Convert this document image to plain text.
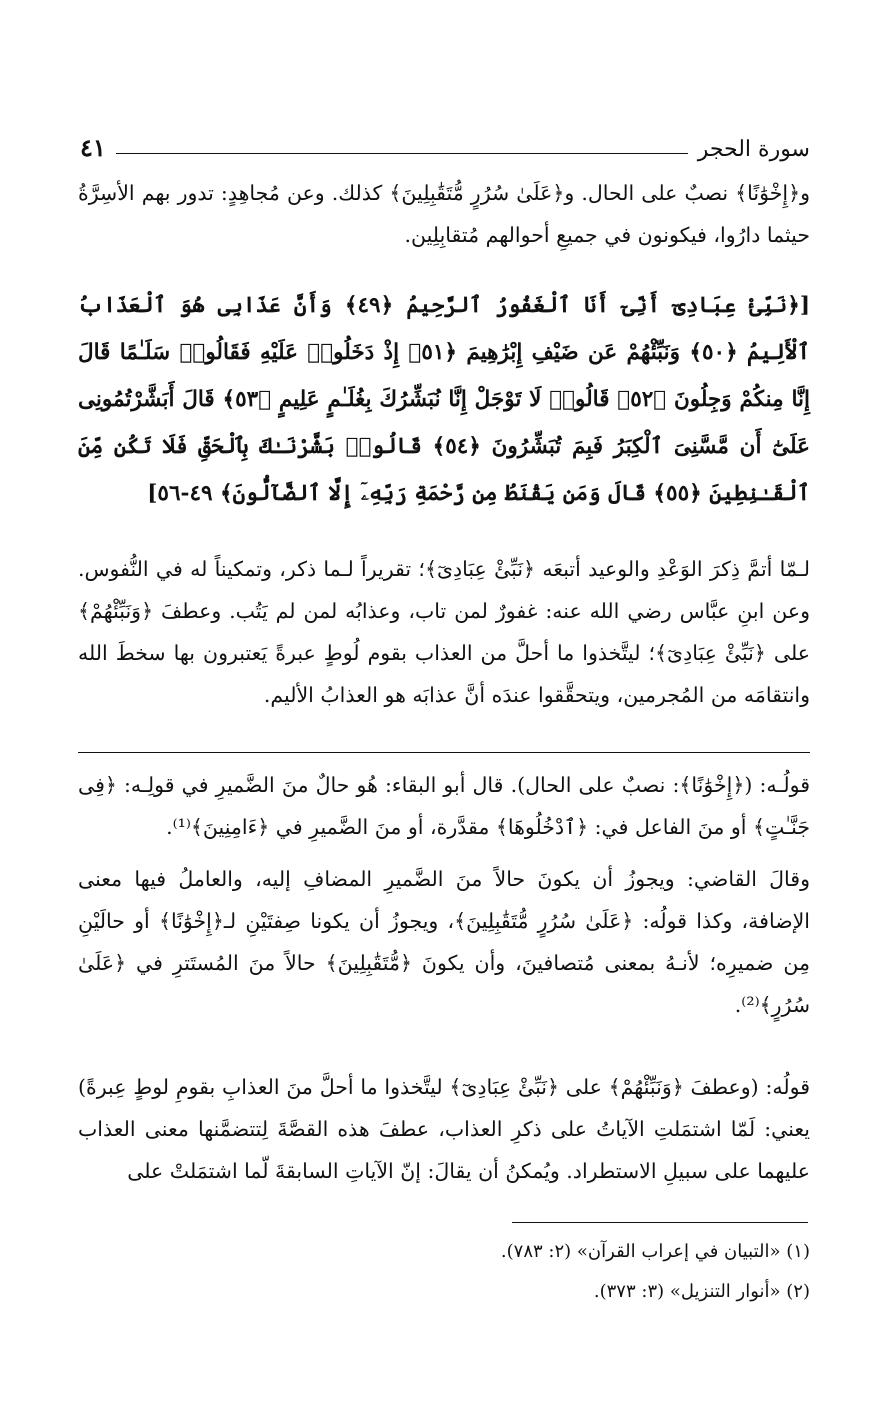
سورة الحجر
٤١

و﴿إِخْوَٰنًا﴾ نصبٌ على الحال. و﴿عَلَىٰ سُرُرٍ مُّتَقَٰبِلِينَ﴾ كذلك. وعن مُجاهِدٍ: تدور بهم الأسِرَّةُ حيثما دارُوا، فيكونون في جميعِ أحوالهم مُتقابِلِين.

[﴿نَبِّئْ عِبَادِىٓ أَنِّىٓ أَنَا ٱلْغَفُورُ ٱلرَّحِيمُ ﴿٤٩﴾ وَأَنَّ عَذَابِى هُوَ ٱلْعَذَابُ ٱلْأَلِيمُ ﴿٥٠﴾ وَنَبِّئْهُمْ عَن ضَيْفِ إِبْرَٰهِيمَ ﴿٥١﴾ إِذْ دَخَلُوا۟ عَلَيْهِ فَقَالُوا۟ سَلَـٰمًا قَالَ إِنَّا مِنكُمْ وَجِلُونَ ﴿٥٢﴾ قَالُوا۟ لَا تَوْجَلْ إِنَّا نُبَشِّرُكَ بِغُلَـٰمٍ عَلِيمٍ ﴿٥٣﴾ قَالَ أَبَشَّرْتُمُونِى عَلَىٰٓ أَن مَّسَّنِىَ ٱلْكِبَرُ فَبِمَ تُبَشِّرُونَ ﴿٥٤﴾ قَالُوا۟ بَشَّرْنَـٰكَ بِٱلْحَقِّ فَلَا تَكُن مِّنَ ٱلْقَـٰنِطِينَ ﴿٥٥﴾ قَالَ وَمَن يَقْنَطُ مِن رَّحْمَةِ رَبِّهِۦٓ إِلَّا ٱلضَّآلُّونَ﴾ ٤٩-٥٦]

لـمّا أتمَّ ذِكرَ الوَعْدِ والوعيد أتبعَه ﴿نَبِّئْ عِبَادِىٓ﴾؛ تقريراً لـما ذكر، وتمكيناً له في النُّفوس. وعن ابنِ عبَّاس رضي الله عنه: غفورٌ لمن تاب، وعذابُه لمن لم يَتُب. وعطفَ ﴿وَنَبِّئْهُمْ﴾ على ﴿نَبِّئْ عِبَادِىٓ﴾؛ ليتَّخذوا ما أحلَّ من العذاب بقوم لُوطٍ عبرةً يَعتبرون بها سخطَ الله وانتقامَه من المُجرمين، ويتحقَّقوا عندَه أنَّ عذابَه هو العذابُ الأليم.

قولُـه: (﴿إِخْوَٰنًا﴾: نصبٌ على الحال). قال أبو البقاء: هُو حالٌ منَ الضَّميرِ في قولِـه: ﴿فِى جَنَّـٰتٍ﴾ أو منَ الفاعل في: ﴿ٱدْخُلُوهَا﴾ مقدَّرة، أو منَ الضَّميرِ في ﴿ءَامِنِينَ﴾⁽¹⁾.

وقالَ القاضي: ويجوزُ أن يكونَ حالاً منَ الضَّميرِ المضافِ إليه، والعاملُ فيها معنى الإضافة، وكذا قولُه: ﴿عَلَىٰ سُرُرٍ مُّتَقَٰبِلِينَ﴾، ويجوزُ أن يكونا صِفتَيْنِ لـ﴿إِخْوَٰنًا﴾ أو حالَيْنِ مِن ضميرِه؛ لأنـهُ بمعنى مُتصافينَ، وأن يكونَ ﴿مُّتَقَٰبِلِينَ﴾ حالاً منَ المُستَترِ في ﴿عَلَىٰ سُرُرٍ﴾⁽²⁾.

قولُه: (وعطفَ ﴿وَنَبِّئْهُمْ﴾ على ﴿نَبِّئْ عِبَادِىٓ﴾ ليتَّخذوا ما أحلَّ منَ العذابِ بقومِ لوطٍ عِبرةً) يعني: لَمّا اشتمَلتِ الآياتُ على ذكرِ العذاب، عطفَ هذه القصَّةَ لِتتضمَّنها معنى العذاب عليهما على سبيلِ الاستطراد. ويُمكنُ أن يقالَ: إنّ الآياتِ السابقةَ لّما اشتمَلتْ على

(١) «التبيان في إعراب القرآن» (٢: ٧٨٣).

(٢) «أنوار التنزيل» (٣: ٣٧٣).
